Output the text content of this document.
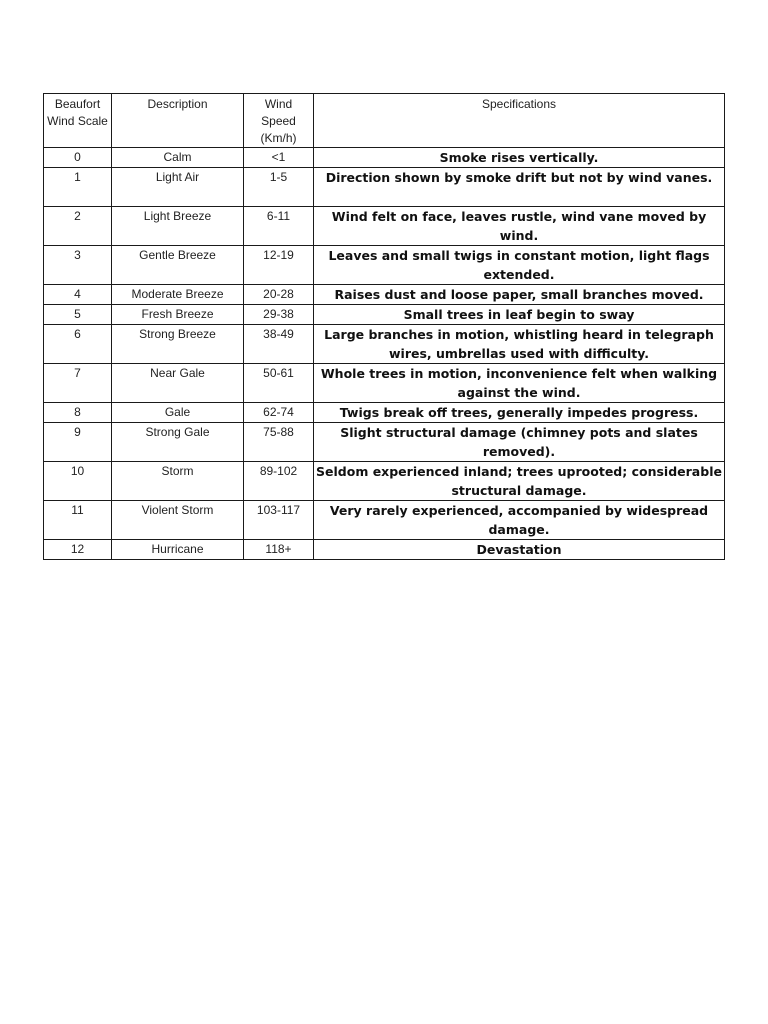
Beaufort Wind Scale	Description	Wind Speed (Km/h)	Specifications
0	Calm	<1	Smoke rises vertically.
1	Light Air	1-5	Direction shown by smoke drift but not by wind vanes.
2	Light Breeze	6-11	Wind felt on face, leaves rustle, wind vane moved by wind.
3	Gentle Breeze	12-19	Leaves and small twigs in constant motion, light flags extended.
4	Moderate Breeze	20-28	Raises dust and loose paper, small branches moved.
5	Fresh Breeze	29-38	Small trees in leaf begin to sway
6	Strong Breeze	38-49	Large branches in motion, whistling heard in telegraph wires, umbrellas used with difficulty.
7	Near Gale	50-61	Whole trees in motion, inconvenience felt when walking against the wind.
8	Gale	62-74	Twigs break off trees, generally impedes progress.
9	Strong Gale	75-88	Slight structural damage (chimney pots and slates removed).
10	Storm	89-102	Seldom experienced inland; trees uprooted; considerable structural damage.
11	Violent Storm	103-117	Very rarely experienced, accompanied by widespread damage.
12	Hurricane	118+	Devastation
